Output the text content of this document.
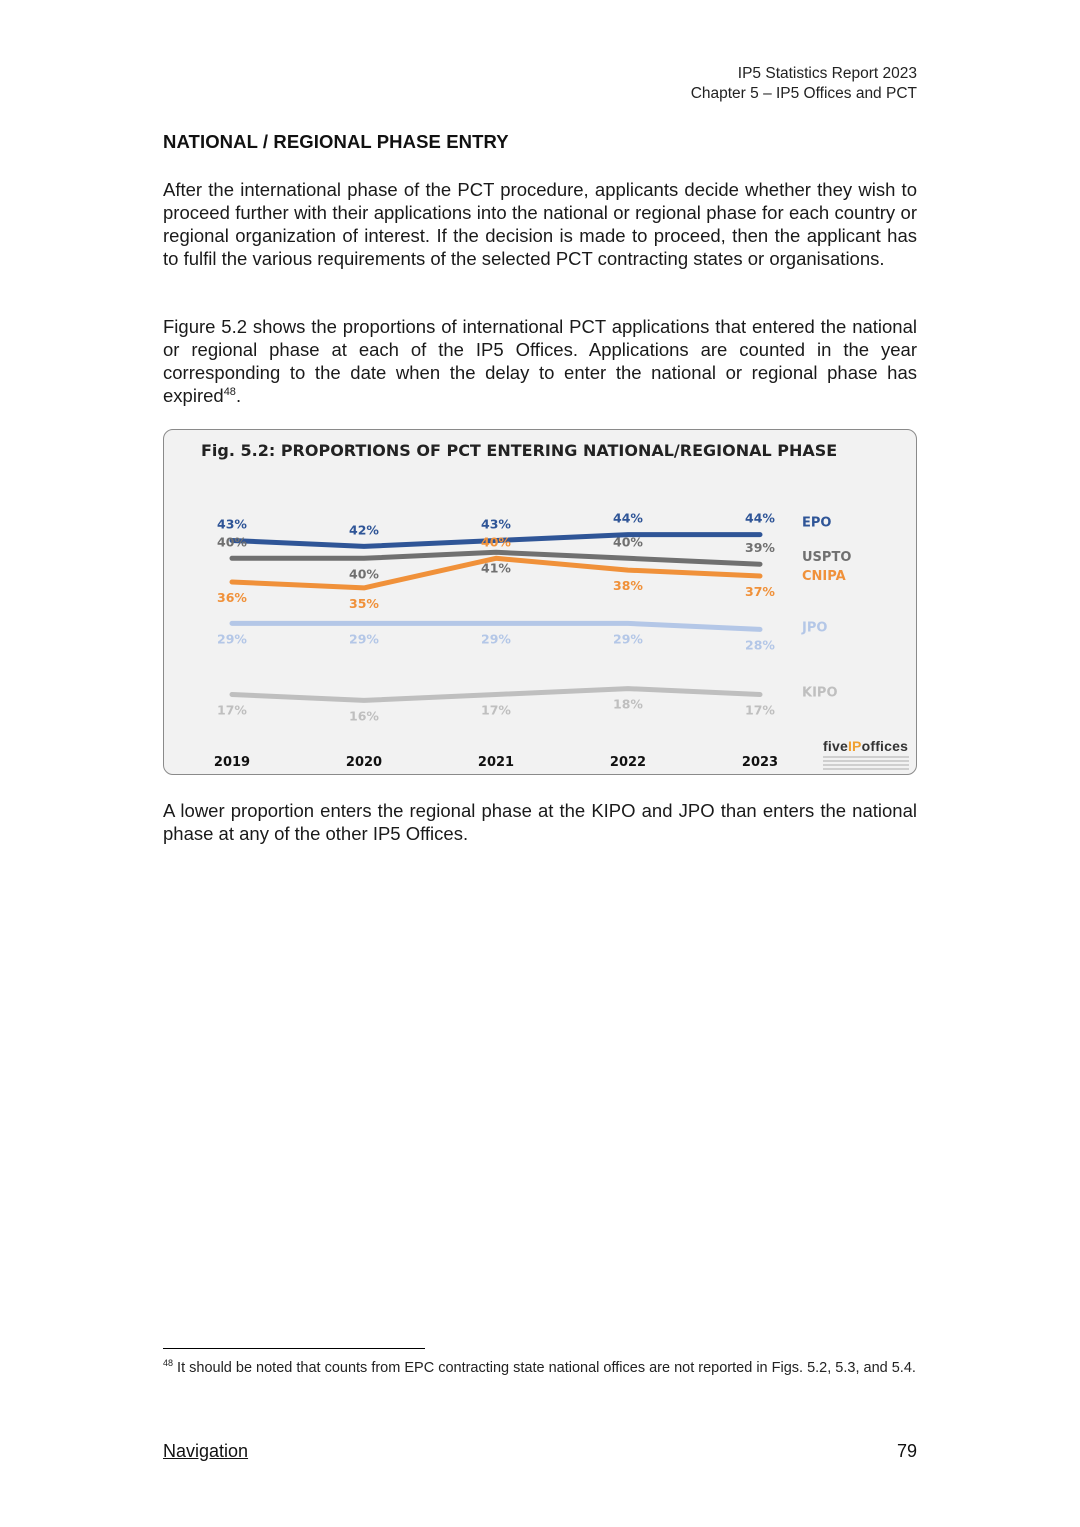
IP5 Statistics Report 2023
Chapter 5 – IP5 Offices and PCT
NATIONAL / REGIONAL PHASE ENTRY

After the international phase of the PCT procedure, applicants decide whether they wish to proceed further with their applications into the national or regional phase for each country or regional organization of interest. If the decision is made to proceed, then the applicant has to fulfil the various requirements of the selected PCT contracting states or organisations.

Figure 5.2 shows the proportions of international PCT applications that entered the national or regional phase at each of the IP5 Offices. Applications are counted in the year corresponding to the date when the delay to enter the national or regional phase has expired$^{48}$.

Fig. 5.2: PROPORTIONS OF PCT ENTERING NATIONAL/REGIONAL PHASE
2019	2020	2021	2022	2023
43%	42%	43%	44%	44% EPO
40%
40%	41%
40%	39%
USPTO
36%	35%
40%
38%	37%
CNIPA
29%	29%	29%	29%	28%
JPO
17%	16%	17%	18%	17%
KIPO
fiveIPoffices

A lower proportion enters the regional phase at the KIPO and JPO than enters the national phase at any of the other IP5 Offices.

$^{48}$ It should be noted that counts from EPC contracting state national offices are not reported in Figs. 5.2, 5.3, and 5.4.

Navigation	79
